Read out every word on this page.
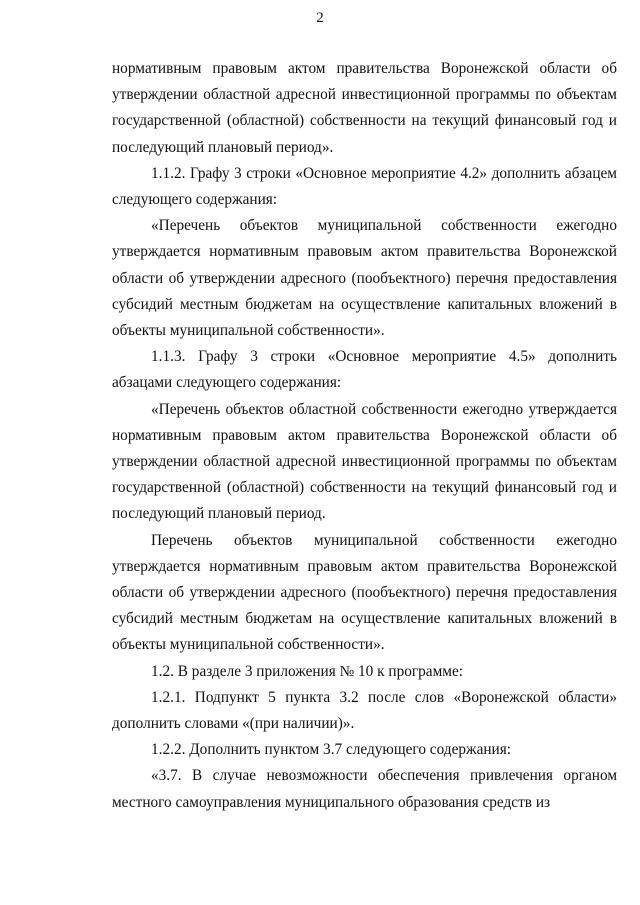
2

нормативным правовым актом правительства Воронежской области об утверждении областной адресной инвестиционной программы по объектам государственной (областной) собственности на текущий финансовый год и последующий плановый период».

1.1.2. Графу 3 строки «Основное мероприятие 4.2» дополнить абзацем следующего содержания:

«Перечень объектов муниципальной собственности ежегодно утверждается нормативным правовым актом правительства Воронежской области об утверждении адресного (пообъектного) перечня предоставления субсидий местным бюджетам на осуществление капитальных вложений в объекты муниципальной собственности».

1.1.3. Графу 3 строки «Основное мероприятие 4.5» дополнить абзацами следующего содержания:

«Перечень объектов областной собственности ежегодно утверждается нормативным правовым актом правительства Воронежской области об утверждении областной адресной инвестиционной программы по объектам государственной (областной) собственности на текущий финансовый год и последующий плановый период.

Перечень объектов муниципальной собственности ежегодно утверждается нормативным правовым актом правительства Воронежской области об утверждении адресного (пообъектного) перечня предоставления субсидий местным бюджетам на осуществление капитальных вложений в объекты муниципальной собственности».

1.2. В разделе 3 приложения № 10 к программе:

1.2.1. Подпункт 5 пункта 3.2 после слов «Воронежской области» дополнить словами «(при наличии)».

1.2.2. Дополнить пунктом 3.7 следующего содержания:

«3.7. В случае невозможности обеспечения привлечения органом местного самоуправления муниципального образования средств из
